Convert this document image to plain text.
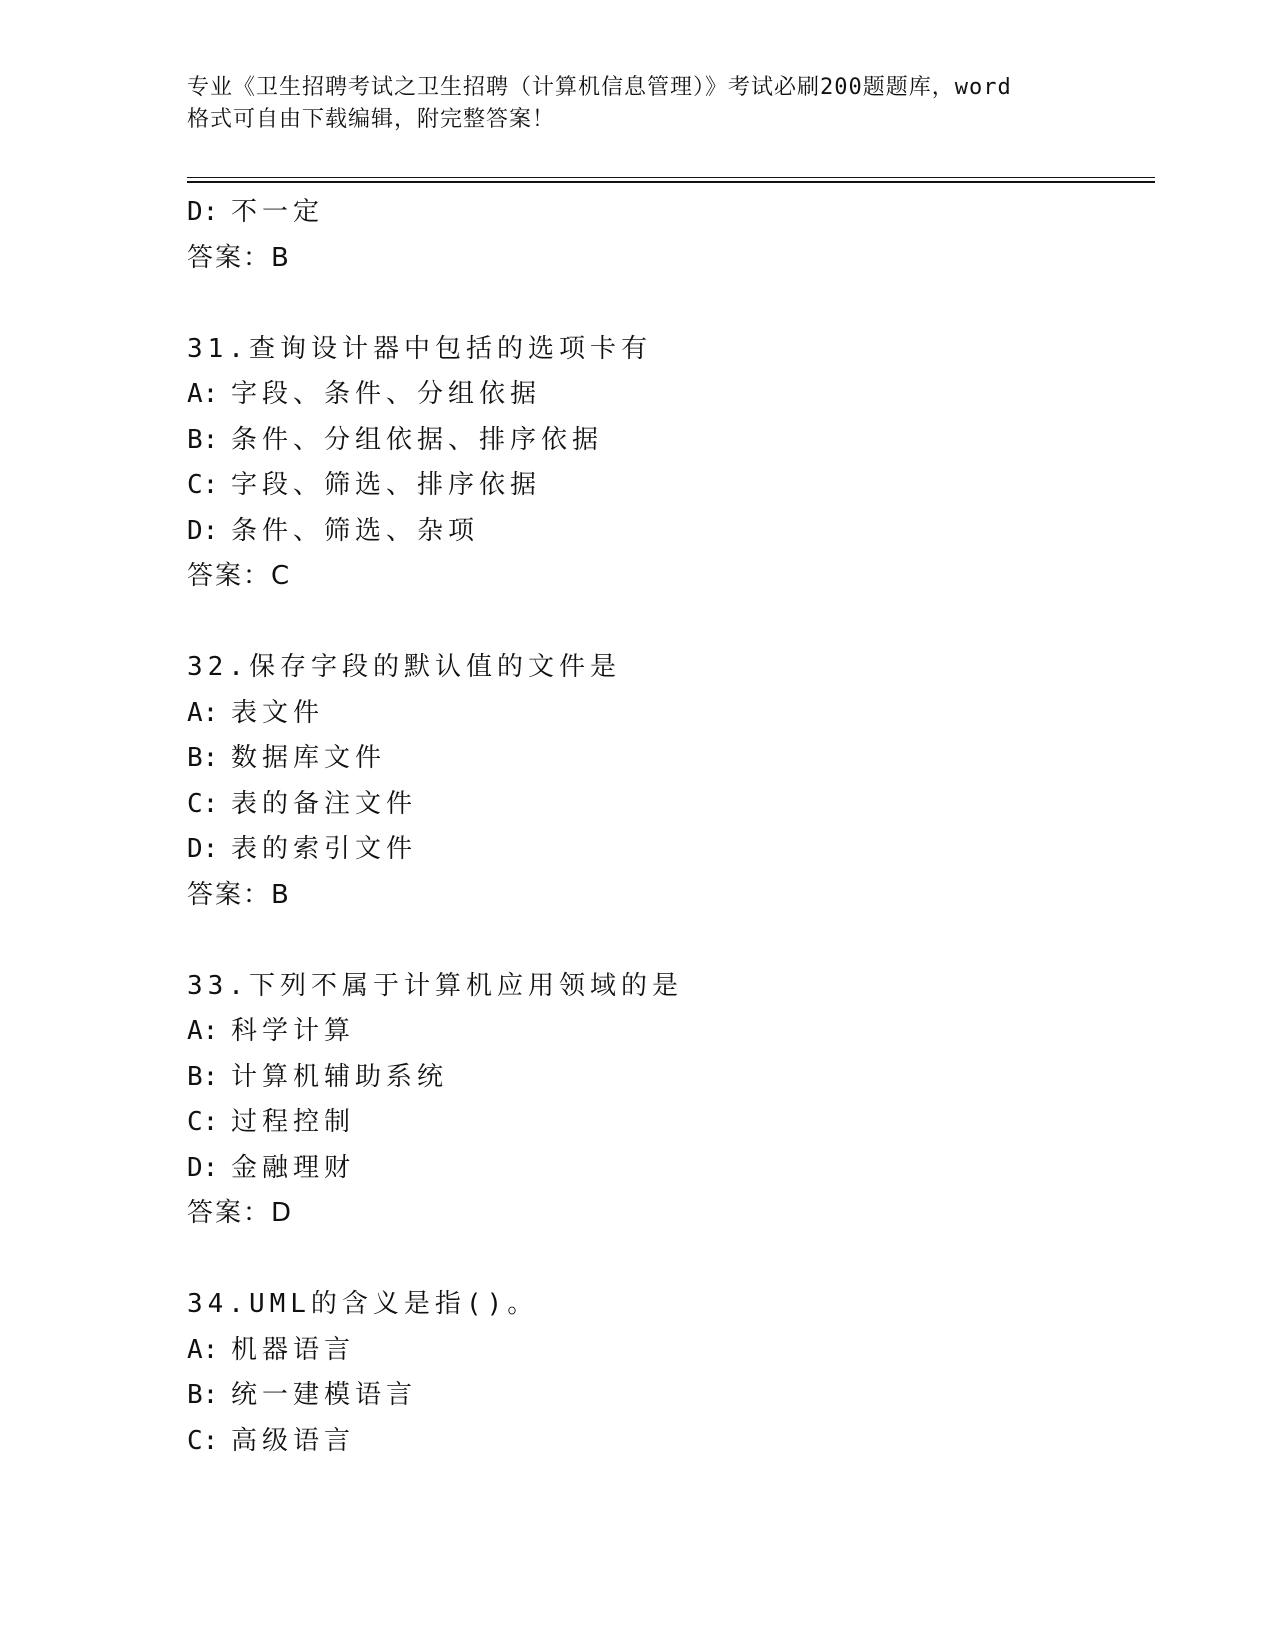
专业《卫生招聘考试之卫生招聘（计算机信息管理）》考试必刷200题题库，word
格式可自由下载编辑，附完整答案！
D: 不一定
答案：B
31.查询设计器中包括的选项卡有
A: 字段、条件、分组依据
B: 条件、分组依据、排序依据
C: 字段、筛选、排序依据
D: 条件、筛选、杂项
答案：C
32.保存字段的默认值的文件是
A: 表文件
B: 数据库文件
C: 表的备注文件
D: 表的索引文件
答案：B
33.下列不属于计算机应用领域的是
A: 科学计算
B: 计算机辅助系统
C: 过程控制
D: 金融理财
答案：D
34.UML的含义是指()。
A: 机器语言
B: 统一建模语言
C: 高级语言
